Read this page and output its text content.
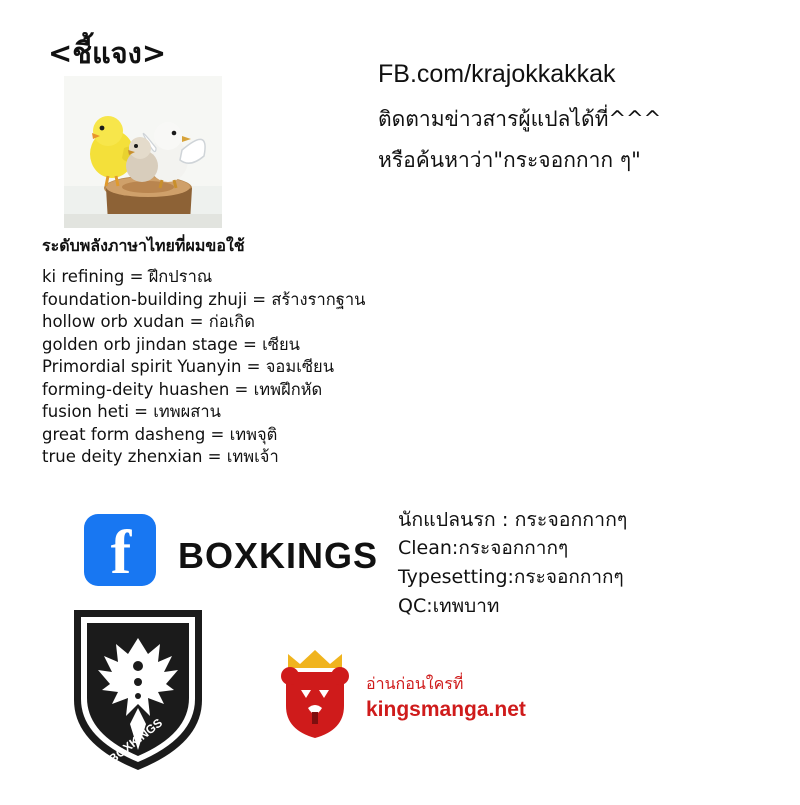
<ชี้แจง>
FB.com/krajokkakkak
ติดตามข่าวสารผู้แปลได้ที่^^^
หรือค้นหาว่า"กระจอกกาก ๆ"
ระดับพลังภาษาไทยที่ผมขอใช้
ki refining = ฝึกปราณ
foundation-building zhuji = สร้างรากฐาน
hollow orb xudan = ก่อเกิด
golden orb jindan stage = เซียน
Primordial spirit Yuanyin = จอมเซียน
forming-deity huashen = เทพฝึกหัด
fusion heti = เทพผสาน
great form dasheng = เทพจุติ
true deity zhenxian = เทพเจ้า
นักแปลนรก : กระจอกกากๆ
Clean:กระจอกกากๆ
Typesetting:กระจอกกากๆ
QC:เทพบาท
f	BOXKINGS
BOXKINGS
อ่านก่อนใครที่
kingsmanga.net
